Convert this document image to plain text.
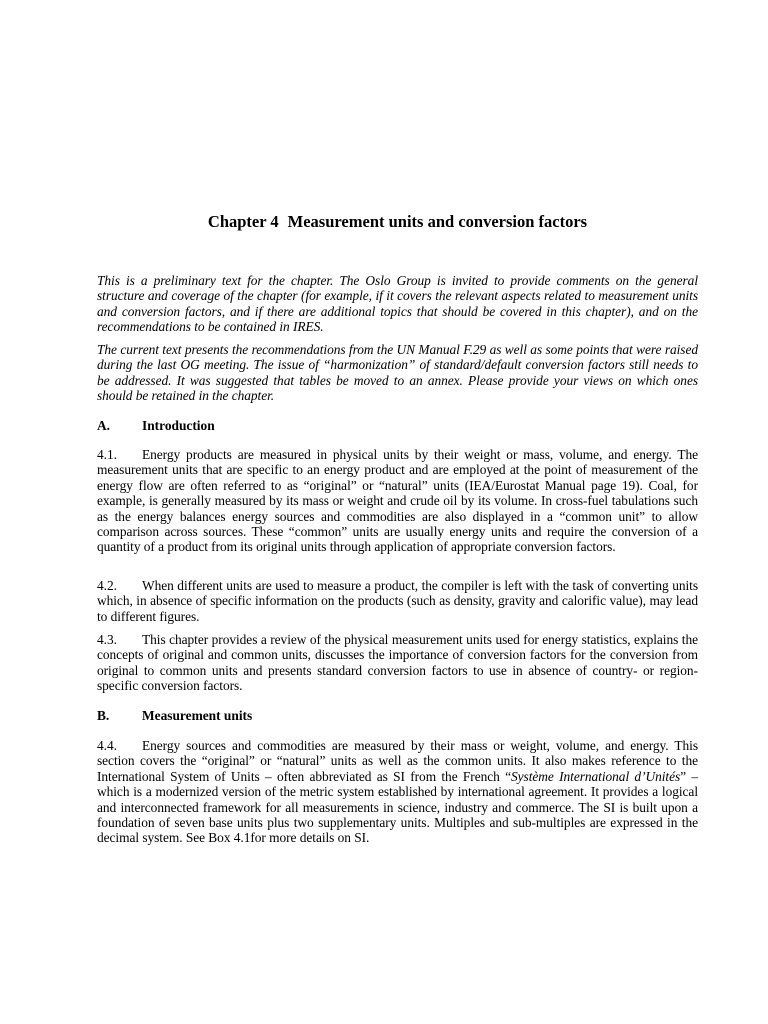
Chapter 4 Measurement units and conversion factors

This is a preliminary text for the chapter. The Oslo Group is invited to provide comments on the general structure and coverage of the chapter (for example, if it covers the relevant aspects related to measurement units and conversion factors, and if there are additional topics that should be covered in this chapter), and on the recommendations to be contained in IRES.

The current text presents the recommendations from the UN Manual F.29 as well as some points that were raised during the last OG meeting. The issue of “harmonization” of standard/default conversion factors still needs to be addressed. It was suggested that tables be moved to an annex. Please provide your views on which ones should be retained in the chapter.

A. Introduction

4.1. Energy products are measured in physical units by their weight or mass, volume, and energy. The measurement units that are specific to an energy product and are employed at the point of measurement of the energy flow are often referred to as “original” or “natural” units (IEA/Eurostat Manual page 19). Coal, for example, is generally measured by its mass or weight and crude oil by its volume. In cross-fuel tabulations such as the energy balances energy sources and commodities are also displayed in a “common unit” to allow comparison across sources. These “common” units are usually energy units and require the conversion of a quantity of a product from its original units through application of appropriate conversion factors.

4.2. When different units are used to measure a product, the compiler is left with the task of converting units which, in absence of specific information on the products (such as density, gravity and calorific value), may lead to different figures.

4.3. This chapter provides a review of the physical measurement units used for energy statistics, explains the concepts of original and common units, discusses the importance of conversion factors for the conversion from original to common units and presents standard conversion factors to use in absence of country- or region-specific conversion factors.

B. Measurement units

4.4. Energy sources and commodities are measured by their mass or weight, volume, and energy. This section covers the “original” or “natural” units as well as the common units. It also makes reference to the International System of Units – often abbreviated as SI from the French “Système International d’Unités” – which is a modernized version of the metric system established by international agreement. It provides a logical and interconnected framework for all measurements in science, industry and commerce. The SI is built upon a foundation of seven base units plus two supplementary units. Multiples and sub-multiples are expressed in the decimal system. See Box 4.1for more details on SI.
